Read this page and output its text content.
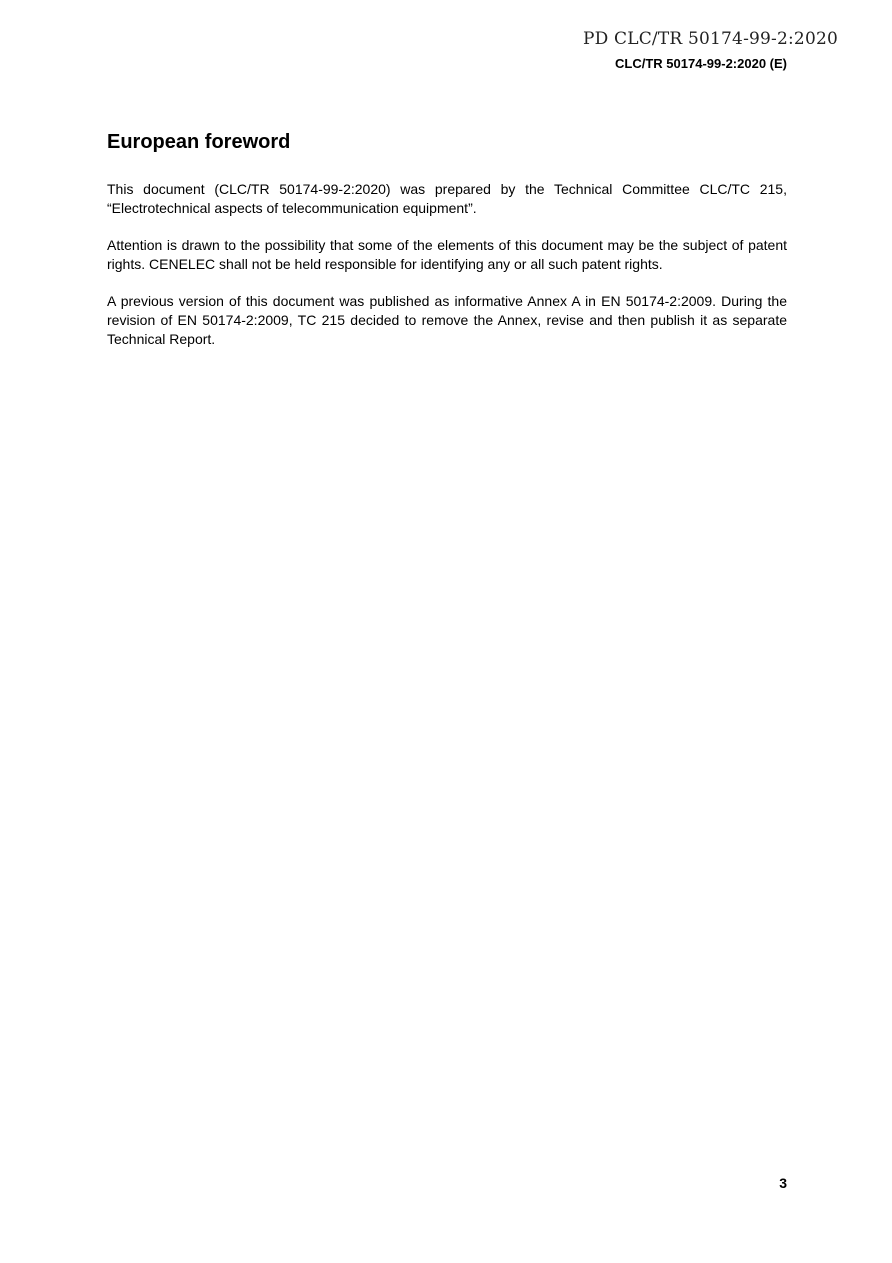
PD CLC/TR 50174-99-2:2020
CLC/TR 50174-99-2:2020 (E)
European foreword

This document (CLC/TR 50174-99-2:2020) was prepared by the Technical Committee CLC/TC 215, “Electrotechnical aspects of telecommunication equipment”.

Attention is drawn to the possibility that some of the elements of this document may be the subject of patent rights. CENELEC shall not be held responsible for identifying any or all such patent rights.

A previous version of this document was published as informative Annex A in EN 50174-2:2009. During the revision of EN 50174-2:2009, TC 215 decided to remove the Annex, revise and then publish it as separate Technical Report.

3
